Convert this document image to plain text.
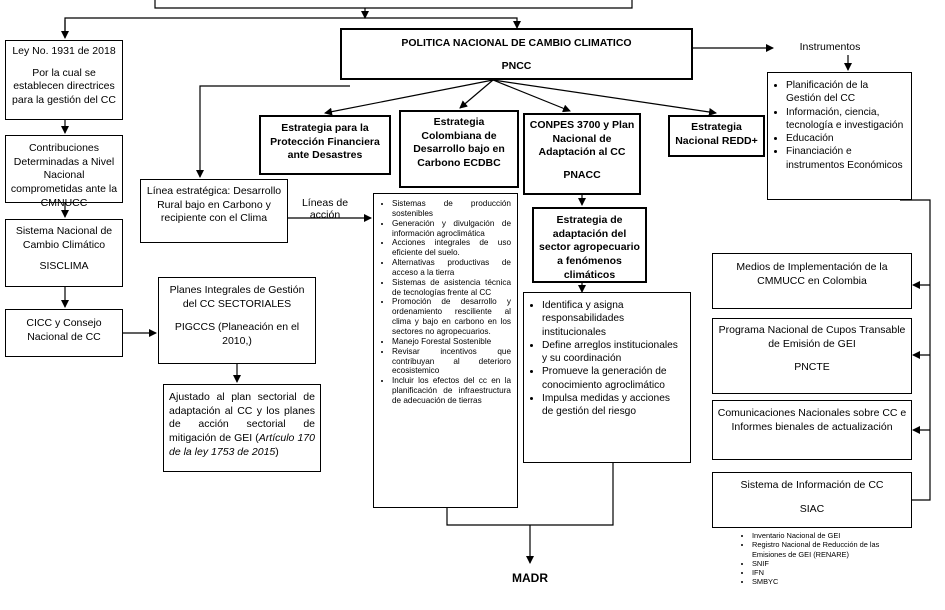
Ley No. 1931 de 2018

Por la cual se establecen directrices para la gestión del CC

Contribuciones Determinadas a Nivel Nacional comprometidas ante la CMNUCC

Sistema Nacional de Cambio Climático

SISCLIMA

CICC y Consejo Nacional de CC

POLITICA NACIONAL DE CAMBIO CLIMATICO

PNCC

Instrumentos
• Planificación de la Gestión del CC
• Información, ciencia, tecnología e investigación
• Educación
• Financiación e instrumentos Económicos

Estrategia para la Protección Financiera ante Desastres

Estrategia Colombiana de Desarrollo bajo en Carbono ECDBC

CONPES 3700 y Plan Nacional de Adaptación al CC

PNACC

Estrategia Nacional REDD+

Línea estratégica: Desarrollo Rural bajo en Carbono y recipiente con el Clima

Líneas de acción
• Sistemas de producción sostenibles
• Generación y divulgación de información agroclimática
• Acciones integrales de uso eficiente del suelo.
• Alternativas productivas de acceso a la tierra
• Sistemas de asistencia técnica de tecnologías frente al CC
• Promoción de desarrollo y ordenamiento resciliente al clima y bajo en carbono en los sectores no agropecuarios.
• Manejo Forestal Sostenible
• Revisar incentivos que contribuyan al deterioro ecosistemico
• Incluir los efectos del cc en la planificación de infraestructura de adecuación de tierras

Estrategia de adaptación del sector agropecuario a fenómenos climáticos

• Identifica y asigna responsabilidades institucionales
• Define arreglos institucionales y su coordinación
• Promueve la generación de conocimiento agroclimático
• Impulsa medidas y acciones de gestión del riesgo

Planes Integrales de Gestión del CC SECTORIALES

PIGCCS (Planeación en el 2010,)

Ajustado al plan sectorial de adaptación al CC y los planes de acción sectorial de mitigación de GEI (Artículo 170 de la ley 1753 de 2015)
MADR

Medios de Implementación de la CMMUCC en Colombia

Programa Nacional de Cupos Transable de Emisión de GEI

PNCTE

Comunicaciones Nacionales sobre CC e Informes bienales de actualización

Sistema de Información de CC

SIAC

• Inventario Nacional de GEI
• Registro Nacional de Reducción de las Emisiones de GEI (RENARE)
• SNIF
• IFN
• SMBYC
